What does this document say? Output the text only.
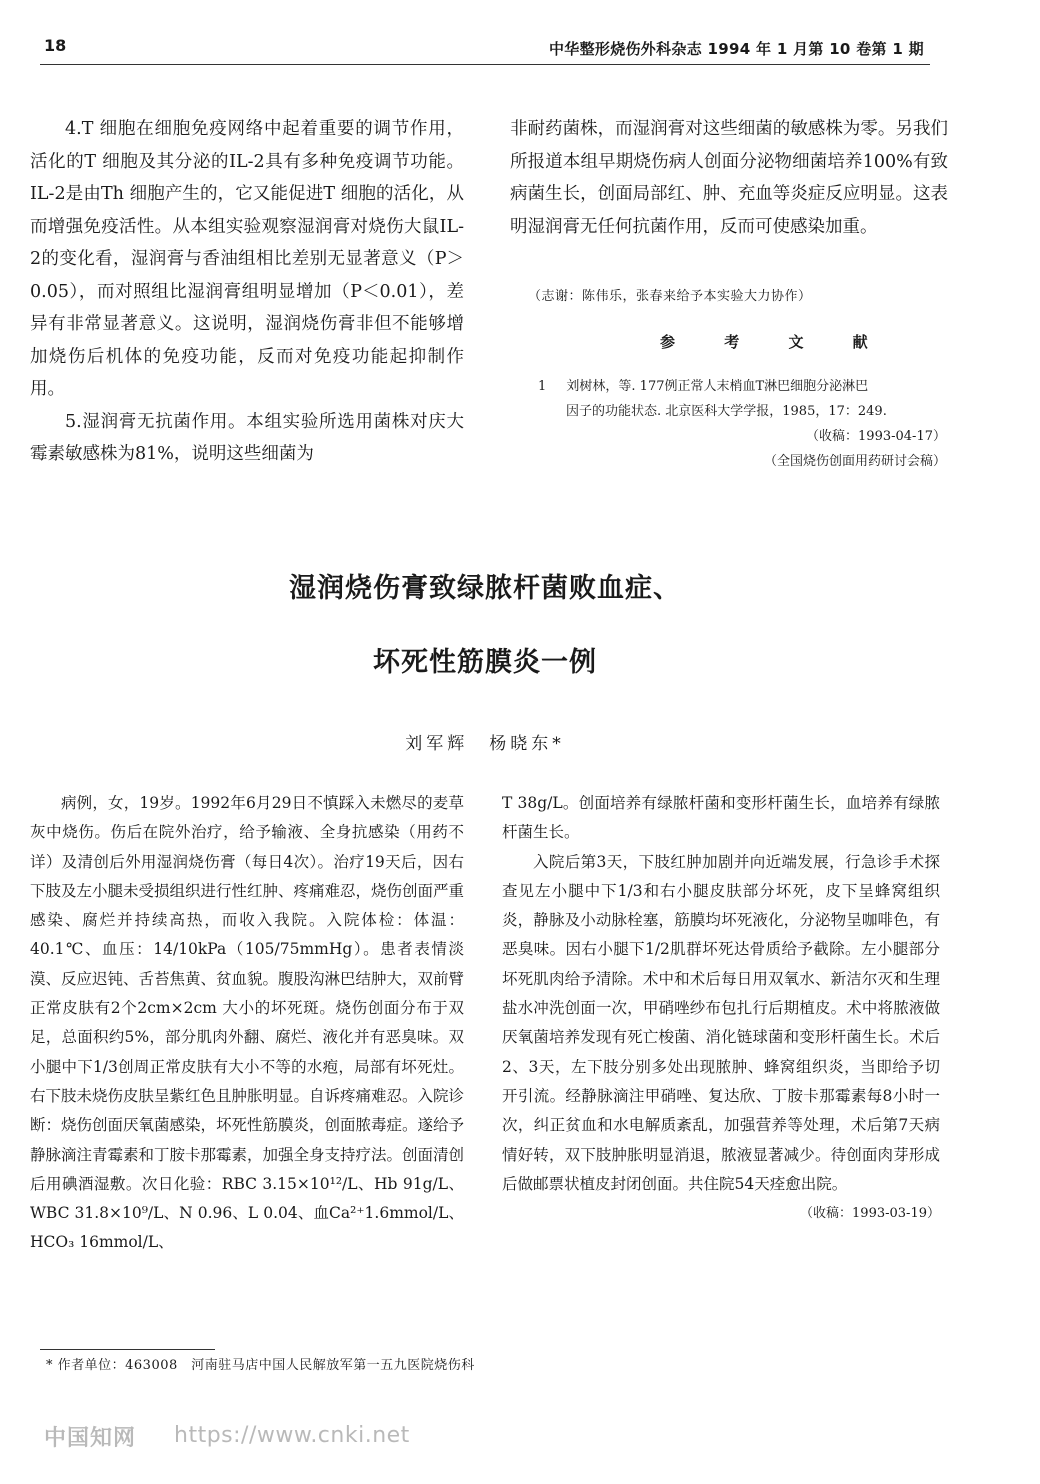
18	中华整形烧伤外科杂志 1994 年 1 月第 10 卷第 1 期

4.T 细胞在细胞免疫网络中起着重要的调节作用，活化的T 细胞及其分泌的IL-2具有多种免疫调节功能。IL-2是由Th 细胞产生的，它又能促进T 细胞的活化，从而增强免疫活性。从本组实验观察湿润膏对烧伤大鼠IL-2的变化看，湿润膏与香油组相比差别无显著意义（P＞0.05），而对照组比湿润膏组明显增加（P＜0.01），差异有非常显著意义。这说明，湿润烧伤膏非但不能够增加烧伤后机体的免疫功能，反而对免疫功能起抑制作用。

5.湿润膏无抗菌作用。本组实验所选用菌株对庆大霉素敏感株为81%，说明这些细菌为

非耐药菌株，而湿润膏对这些细菌的敏感株为零。另我们所报道本组早期烧伤病人创面分泌物细菌培养100%有致病菌生长，创面局部红、肿、充血等炎症反应明显。这表明湿润膏无任何抗菌作用，反而可使感染加重。

（志谢：陈伟乐，张春来给予本实验大力协作）
参 考 文 献
1 刘树林，等. 177例正常人末梢血T淋巴细胞分泌淋巴
因子的功能状态. 北京医科大学学报，1985，17：249.
（收稿：1993-04-17）
（全国烧伤创面用药研讨会稿）
湿润烧伤膏致绿脓杆菌败血症、
坏死性筋膜炎一例
刘军辉　杨晓东*

病例，女，19岁。1992年6月29日不慎踩入未燃尽的麦草灰中烧伤。伤后在院外治疗，给予输液、全身抗感染（用药不详）及清创后外用湿润烧伤膏（每日4次）。治疗19天后，因右下肢及左小腿未受损组织进行性红肿、疼痛难忍，烧伤创面严重感染、腐烂并持续高热，而收入我院。入院体检：体温：40.1℃、血压：14/10kPa（105/75mmHg）。患者表情淡漠、反应迟钝、舌苔焦黄、贫血貌。腹股沟淋巴结肿大，双前臂正常皮肤有2个2cm×2cm 大小的坏死斑。烧伤创面分布于双足，总面积约5%，部分肌肉外翻、腐烂、液化并有恶臭味。双小腿中下1/3创周正常皮肤有大小不等的水疱，局部有坏死灶。右下肢未烧伤皮肤呈紫红色且肿胀明显。自诉疼痛难忍。入院诊断：烧伤创面厌氧菌感染，坏死性筋膜炎，创面脓毒症。遂给予静脉滴注青霉素和丁胺卡那霉素，加强全身支持疗法。创面清创后用碘酒湿敷。次日化验：RBC 3.15×10¹²/L、Hb 91g/L、WBC 31.8×10⁹/L、N 0.96、L 0.04、血Ca²⁺1.6mmol/L、HCO₃ 16mmol/L、

T 38g/L。创面培养有绿脓杆菌和变形杆菌生长，血培养有绿脓杆菌生长。

入院后第3天，下肢红肿加剧并向近端发展，行急诊手术探查见左小腿中下1/3和右小腿皮肤部分坏死，皮下呈蜂窝组织炎，静脉及小动脉栓塞，筋膜均坏死液化，分泌物呈咖啡色，有恶臭味。因右小腿下1/2肌群坏死达骨质给予截除。左小腿部分坏死肌肉给予清除。术中和术后每日用双氧水、新洁尔灭和生理盐水冲洗创面一次，甲硝唑纱布包扎行后期植皮。术中将脓液做厌氧菌培养发现有死亡梭菌、消化链球菌和变形杆菌生长。术后2、3天，左下肢分别多处出现脓肿、蜂窝组织炎，当即给予切开引流。经静脉滴注甲硝唑、复达欣、丁胺卡那霉素每8小时一次，纠正贫血和水电解质紊乱，加强营养等处理，术后第7天病情好转，双下肢肿胀明显消退，脓液显著减少。待创面肉芽形成后做邮票状植皮封闭创面。共住院54天痊愈出院。

（收稿：1993-03-19）

* 作者单位：463008　河南驻马店中国人民解放军第一五九医院烧伤科
中国知网 https://www.cnki.net
